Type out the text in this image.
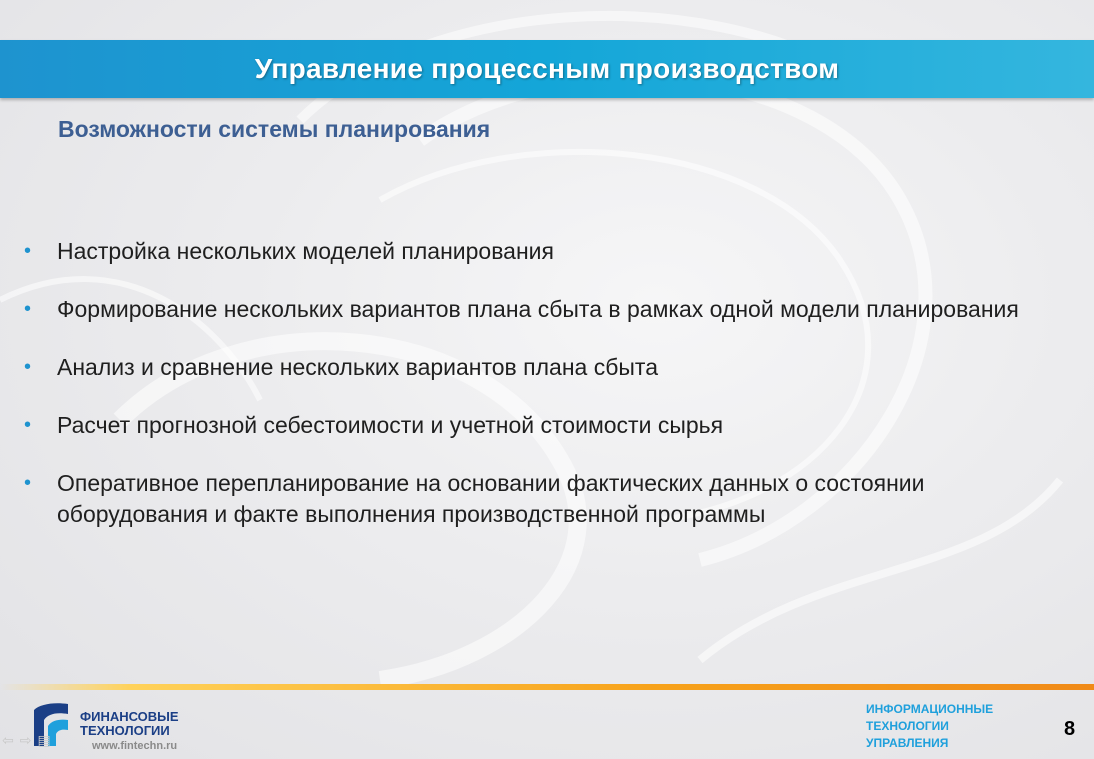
Управление процессным производством
Возможности системы планирования
• Настройка нескольких моделей планирования
• Формирование нескольких вариантов плана сбыта в рамках одной модели планирования
• Анализ и сравнение нескольких вариантов плана сбыта
• Расчет прогнозной себестоимости и учетной стоимости сырья
• Оперативное перепланирование на основании фактических данных о состоянии оборудования и факте выполнения производственной программы

ФИНАНСОВЫЕ
ТЕХНОЛОГИИ

www.fintechn.ru

⇦⇨▤

ИНФОРМАЦИОННЫЕ
ТЕХНОЛОГИИ
УПРАВЛЕНИЯ

8
